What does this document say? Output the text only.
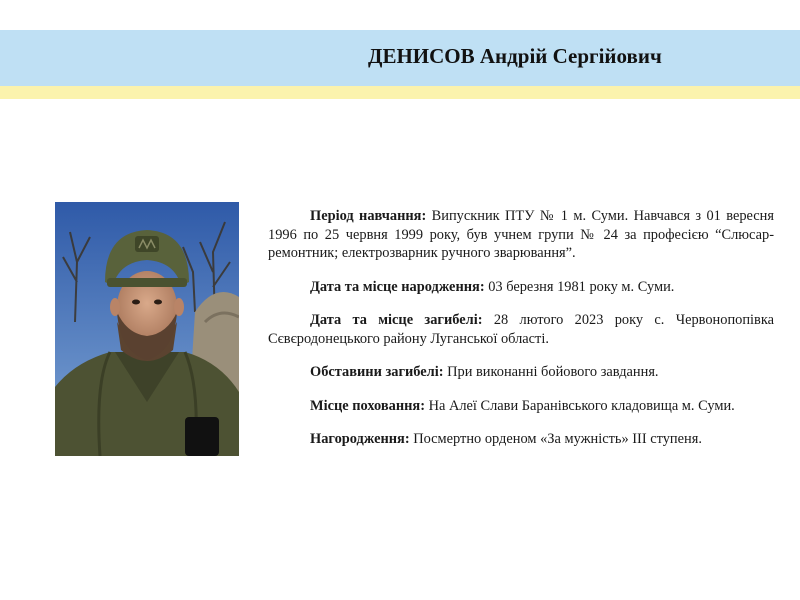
ДЕНИСОВ Андрій Сергійович

Період навчання: Випускник ПТУ № 1 м. Суми. Навчався з 01 вересня 1996 по 25 червня 1999 року, був учнем групи № 24 за професією “Слюсар-ремонтник; електрозварник ручного зварювання”.

Дата та місце народження: 03 березня 1981 року м. Суми.

Дата та місце загибелі: 28 лютого 2023 року с. Червонопопівка Сєвєродонецького району Луганської області.

Обставини загибелі: При виконанні бойового завдання.

Місце поховання: На Алеї Слави Баранівського кладовища м. Суми.

Нагородження: Посмертно орденом «За мужність» ІІІ ступеня.
